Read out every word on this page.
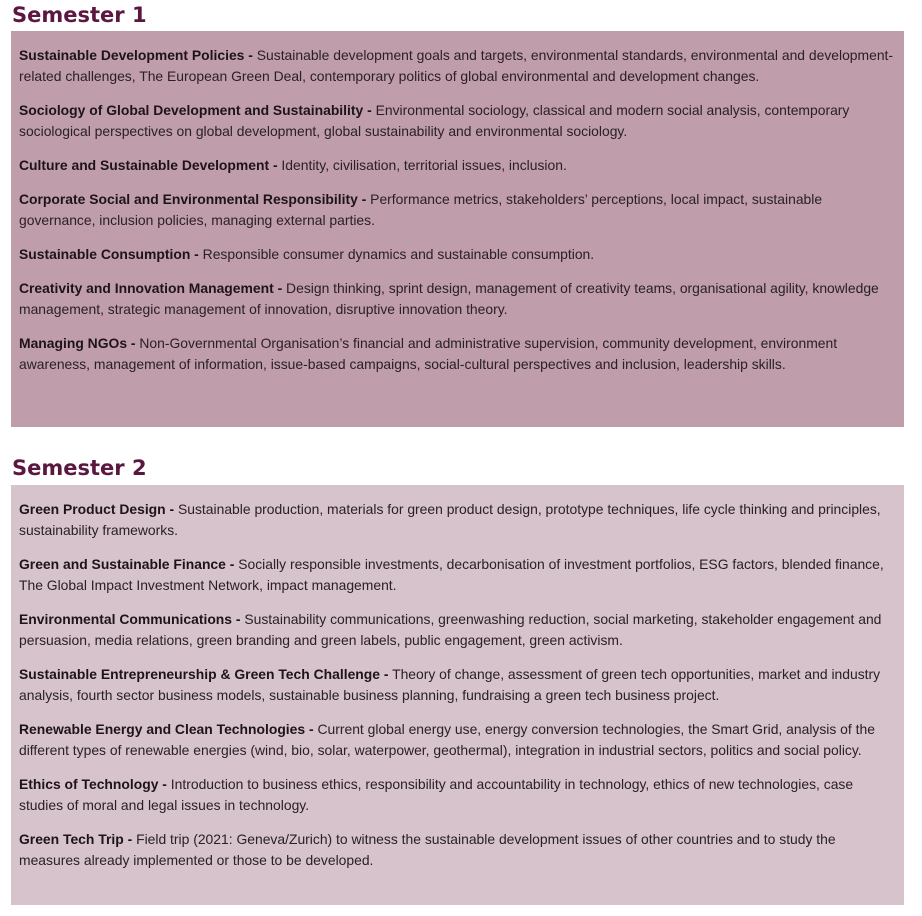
Semester 1

Sustainable Development Policies - Sustainable development goals and targets, environmental standards, environmental and development-related challenges, The European Green Deal, contemporary politics of global environmental and development changes.

Sociology of Global Development and Sustainability - Environmental sociology, classical and modern social analysis, contemporary sociological perspectives on global development, global sustainability and environmental sociology.

Culture and Sustainable Development - Identity, civilisation, territorial issues, inclusion.

Corporate Social and Environmental Responsibility - Performance metrics, stakeholders’ perceptions, local impact, sustainable governance, inclusion policies, managing external parties.

Sustainable Consumption - Responsible consumer dynamics and sustainable consumption.

Creativity and Innovation Management - Design thinking, sprint design, management of creativity teams, organisational agility, knowledge management, strategic management of innovation, disruptive innovation theory.

Managing NGOs - Non-Governmental Organisation’s financial and administrative supervision, community development, environment awareness, management of information, issue-based campaigns, social-cultural perspectives and inclusion, leadership skills.

Semester 2

Green Product Design - Sustainable production, materials for green product design, prototype techniques, life cycle thinking and principles, sustainability frameworks.

Green and Sustainable Finance - Socially responsible investments, decarbonisation of investment portfolios, ESG factors, blended finance, The Global Impact Investment Network, impact management.

Environmental Communications - Sustainability communications, greenwashing reduction, social marketing, stakeholder engagement and persuasion, media relations, green branding and green labels, public engagement, green activism.

Sustainable Entrepreneurship & Green Tech Challenge - Theory of change, assessment of green tech opportunities, market and industry analysis, fourth sector business models, sustainable business planning, fundraising a green tech business project.

Renewable Energy and Clean Technologies - Current global energy use, energy conversion technologies, the Smart Grid, analysis of the different types of renewable energies (wind, bio, solar, waterpower, geothermal), integration in industrial sectors, politics and social policy.

Ethics of Technology - Introduction to business ethics, responsibility and accountability in technology, ethics of new technologies, case studies of moral and legal issues in technology.

Green Tech Trip - Field trip (2021: Geneva/Zurich) to witness the sustainable development issues of other countries and to study the measures already implemented or those to be developed.
